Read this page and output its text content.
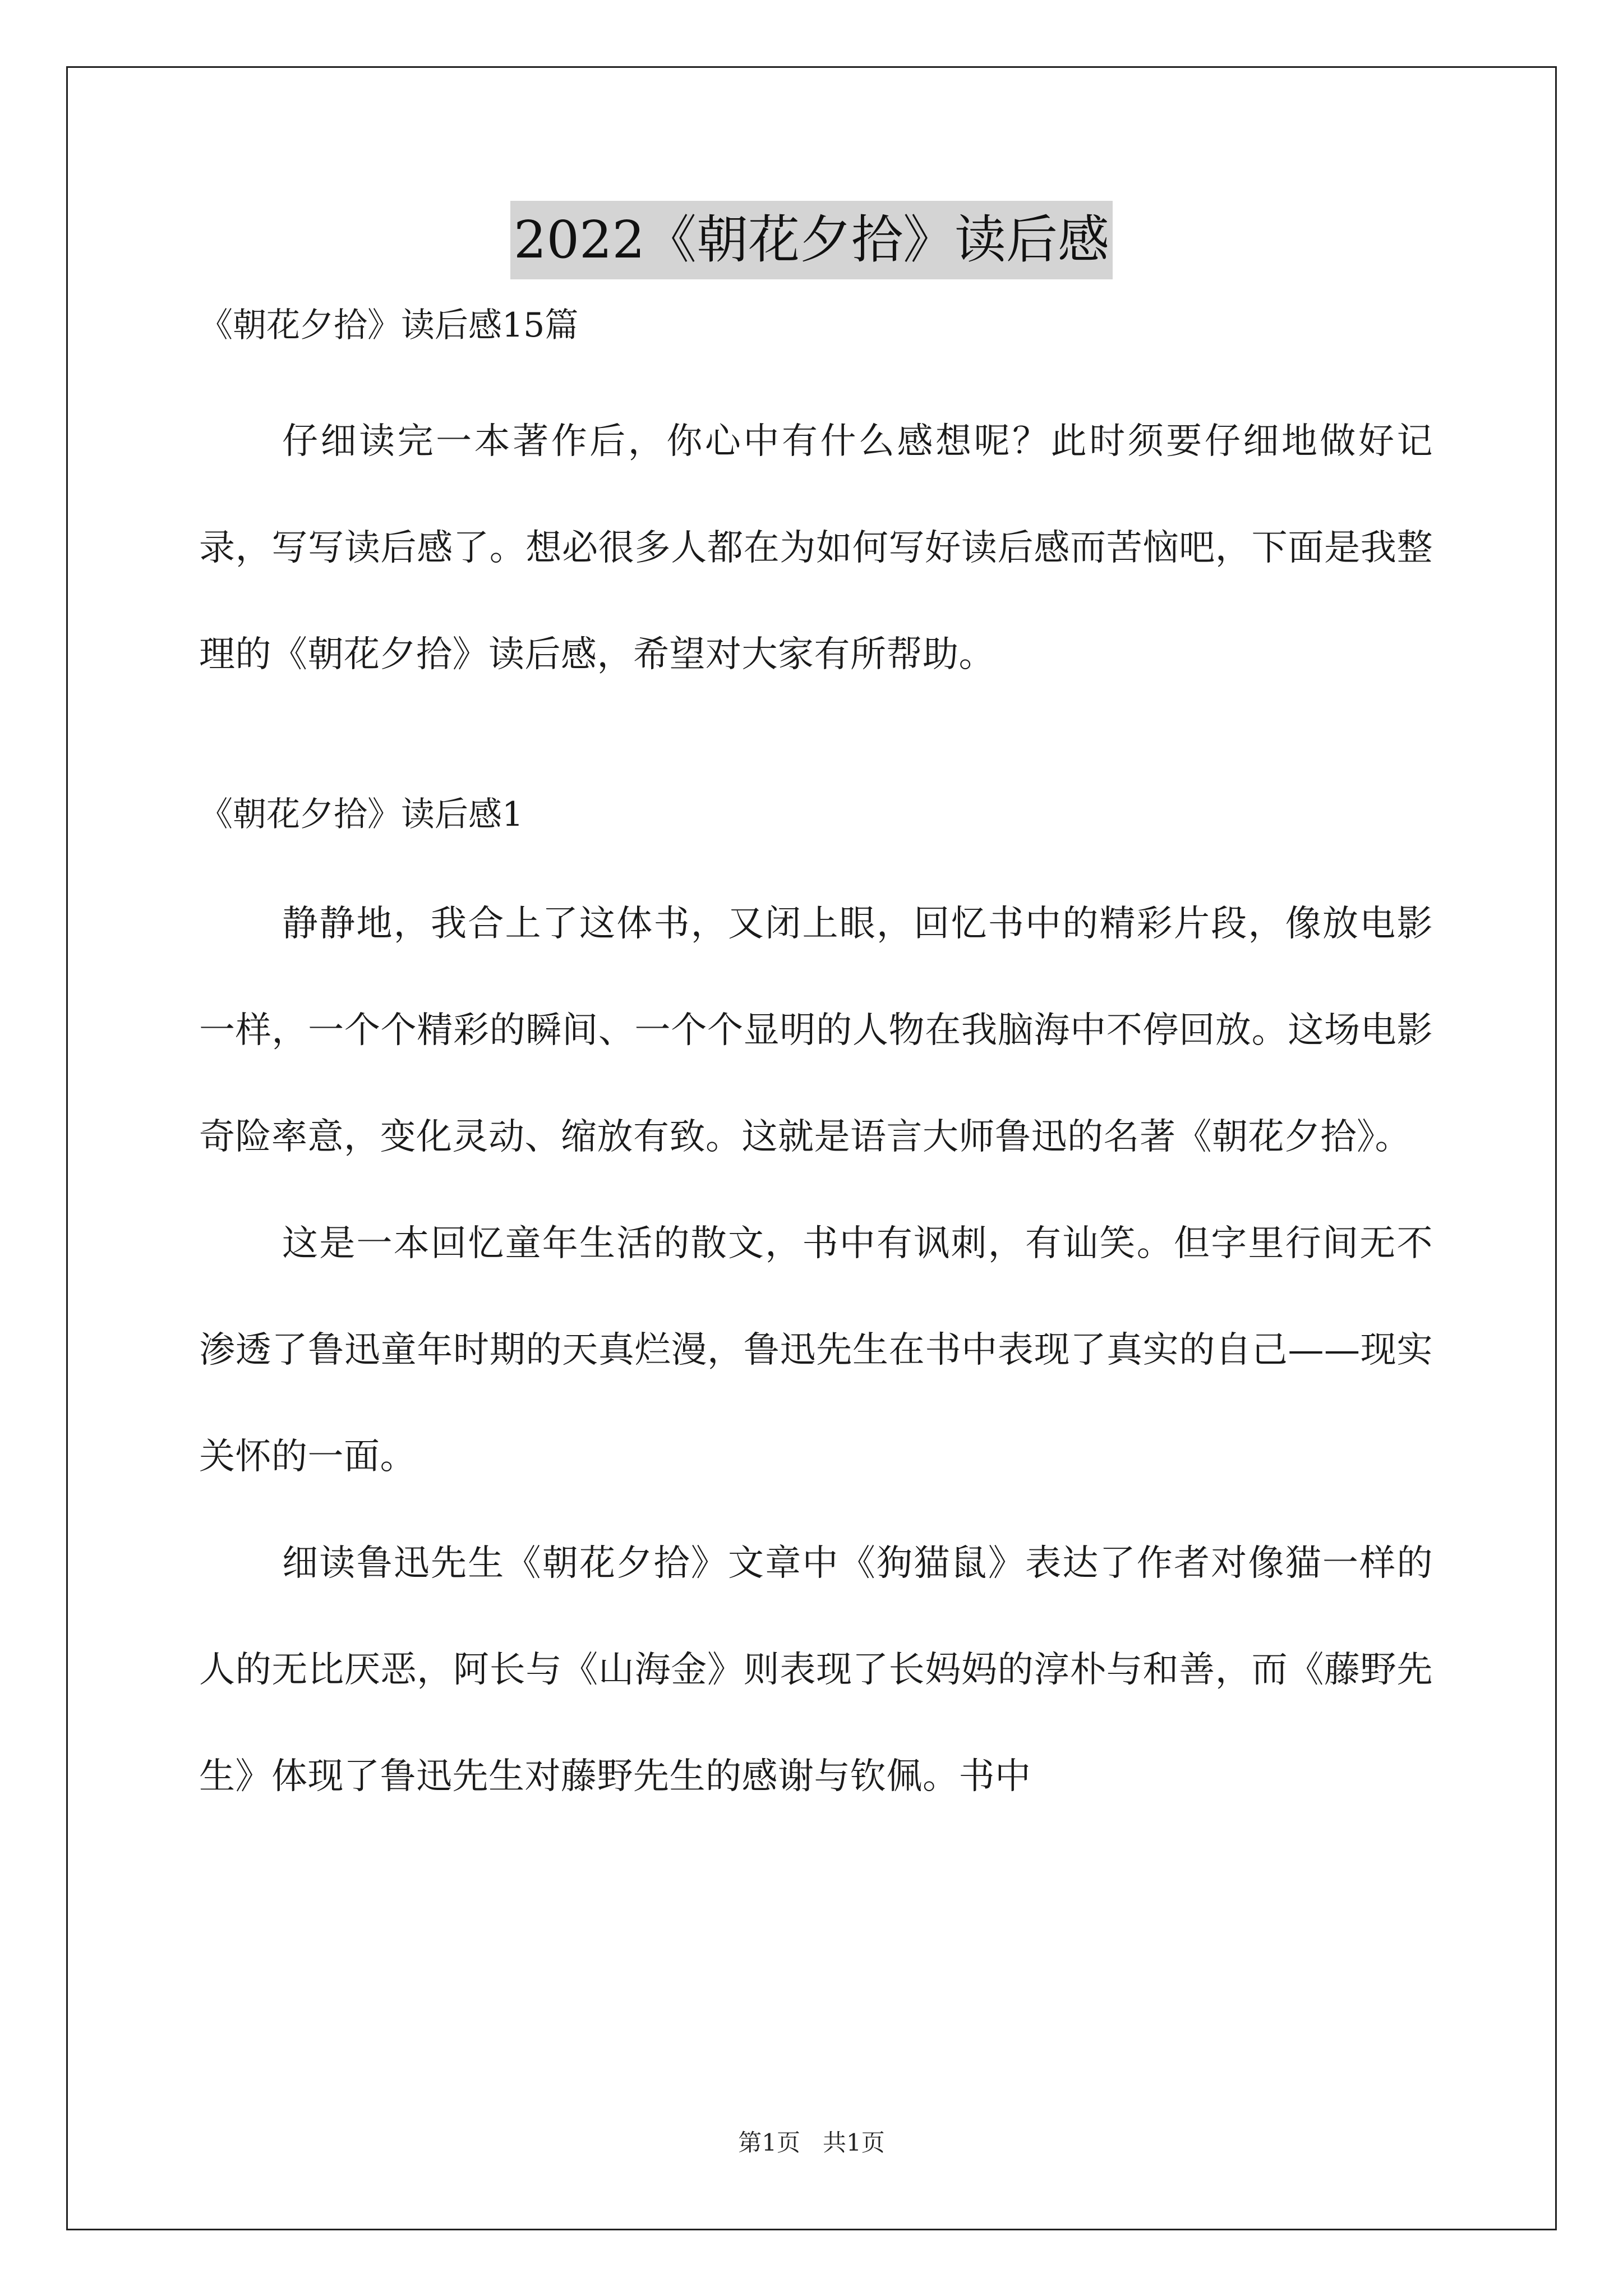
2022《朝花夕拾》读后感

《朝花夕拾》读后感15篇

仔细读完一本著作后，你心中有什么感想呢？此时须要仔细地做好记录，写写读后感了。想必很多人都在为如何写好读后感而苦恼吧，下面是我整理的《朝花夕拾》读后感，希望对大家有所帮助。

《朝花夕拾》读后感1

静静地，我合上了这体书，又闭上眼，回忆书中的精彩片段，像放电影一样，一个个精彩的瞬间、一个个显明的人物在我脑海中不停回放。这场电影奇险率意，变化灵动、缩放有致。这就是语言大师鲁迅的名著《朝花夕拾》。

这是一本回忆童年生活的散文，书中有讽刺，有讪笑。但字里行间无不渗透了鲁迅童年时期的天真烂漫，鲁迅先生在书中表现了真实的自己——现实关怀的一面。

细读鲁迅先生《朝花夕拾》文章中《狗猫鼠》表达了作者对像猫一样的人的无比厌恶，阿长与《山海金》则表现了长妈妈的淳朴与和善，而《藤野先生》体现了鲁迅先生对藤野先生的感谢与钦佩。书中

第1页   共1页
